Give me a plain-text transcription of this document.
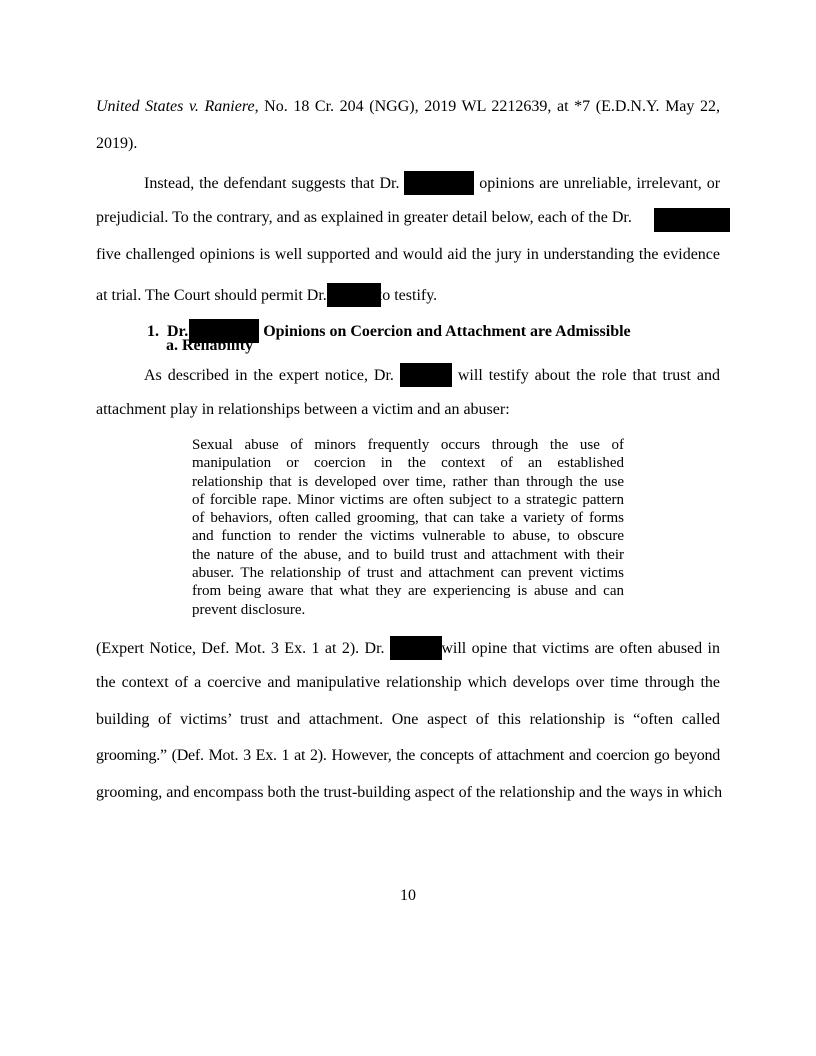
United States v. Raniere, No. 18 Cr. 204 (NGG), 2019 WL 2212639, at *7 (E.D.N.Y. May 22,
2019).
Instead, the defendant suggests that Dr.	opinions are unreliable, irrelevant, or
prejudicial. To the contrary, and as explained in greater detail below, each of the Dr.
five challenged opinions is well supported and would aid the jury in understanding the evidence
at trial. The Court should permit Dr.	to testify.
1. Dr.	Opinions on Coercion and Attachment are Admissible
a. Reliability
As described in the expert notice, Dr.	will testify about the role that trust and
attachment play in relationships between a victim and an abuser:
Sexual abuse of minors frequently occurs through the use of
manipulation or coercion in the context of an established
relationship that is developed over time, rather than through the use
of forcible rape. Minor victims are often subject to a strategic pattern
of behaviors, often called grooming, that can take a variety of forms
and function to render the victims vulnerable to abuse, to obscure
the nature of the abuse, and to build trust and attachment with their
abuser. The relationship of trust and attachment can prevent victims
from being aware that what they are experiencing is abuse and can
prevent disclosure.
(Expert Notice, Def. Mot. 3 Ex. 1 at 2). Dr.	will opine that victims are often abused in
the context of a coercive and manipulative relationship which develops over time through the
building of victims’ trust and attachment. One aspect of this relationship is “often called
grooming.” (Def. Mot. 3 Ex. 1 at 2). However, the concepts of attachment and coercion go beyond
grooming, and encompass both the trust-building aspect of the relationship and the ways in which
10
